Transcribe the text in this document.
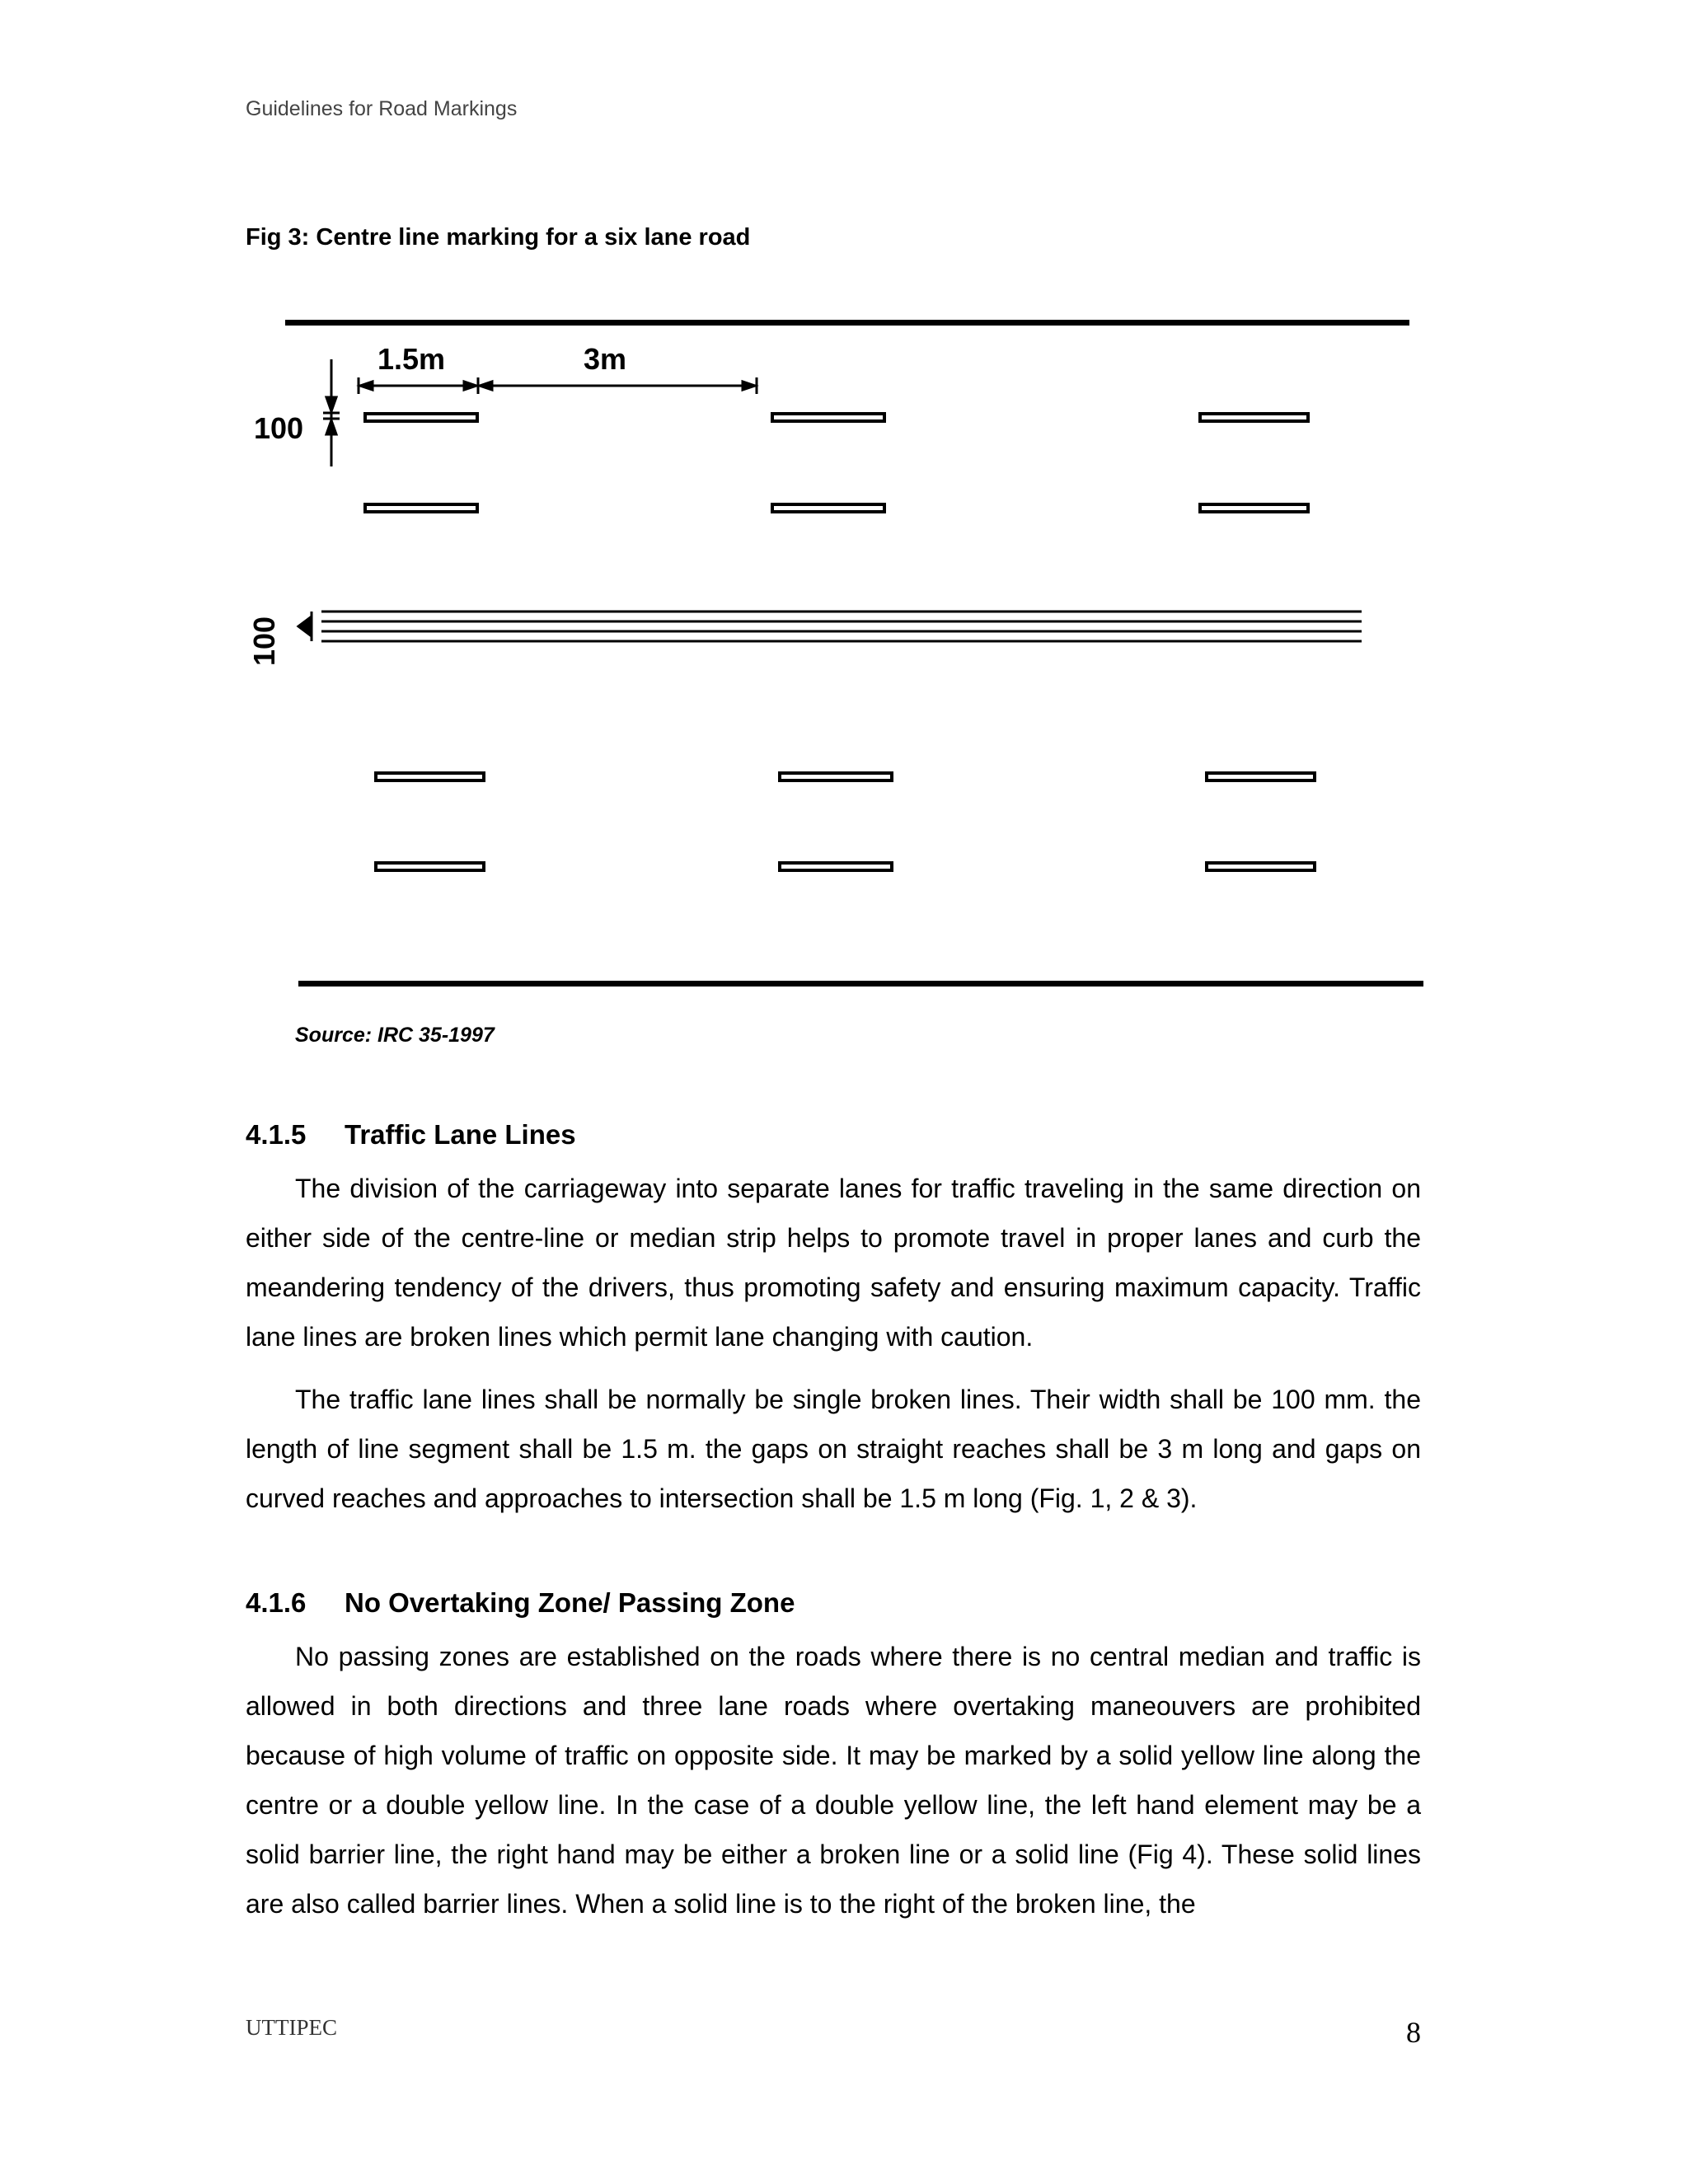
Guidelines for Road Markings
Fig 3: Centre line marking for a six lane road
1.5m	3m
100
100
Source: IRC 35-1997
4.1.5 Traffic Lane Lines

The division of the carriageway into separate lanes for traffic traveling in the same direction on either side of the centre-line or median strip helps to promote travel in proper lanes and curb the meandering tendency of the drivers, thus promoting safety and ensuring maximum capacity. Traffic lane lines are broken lines which permit lane changing with caution.

The traffic lane lines shall be normally be single broken lines. Their width shall be 100 mm. the length of line segment shall be 1.5 m. the gaps on straight reaches shall be 3 m long and gaps on curved reaches and approaches to intersection shall be 1.5 m long (Fig. 1, 2 & 3).

4.1.6 No Overtaking Zone/ Passing Zone

No passing zones are established on the roads where there is no central median and traffic is allowed in both directions and three lane roads where overtaking maneouvers are prohibited because of high volume of traffic on opposite side. It may be marked by a solid yellow line along the centre or a double yellow line. In the case of a double yellow line, the left hand element may be a solid barrier line, the right hand may be either a broken line or a solid line (Fig 4). These solid lines are also called barrier lines. When a solid line is to the right of the broken line, the

UTTIPEC	8
